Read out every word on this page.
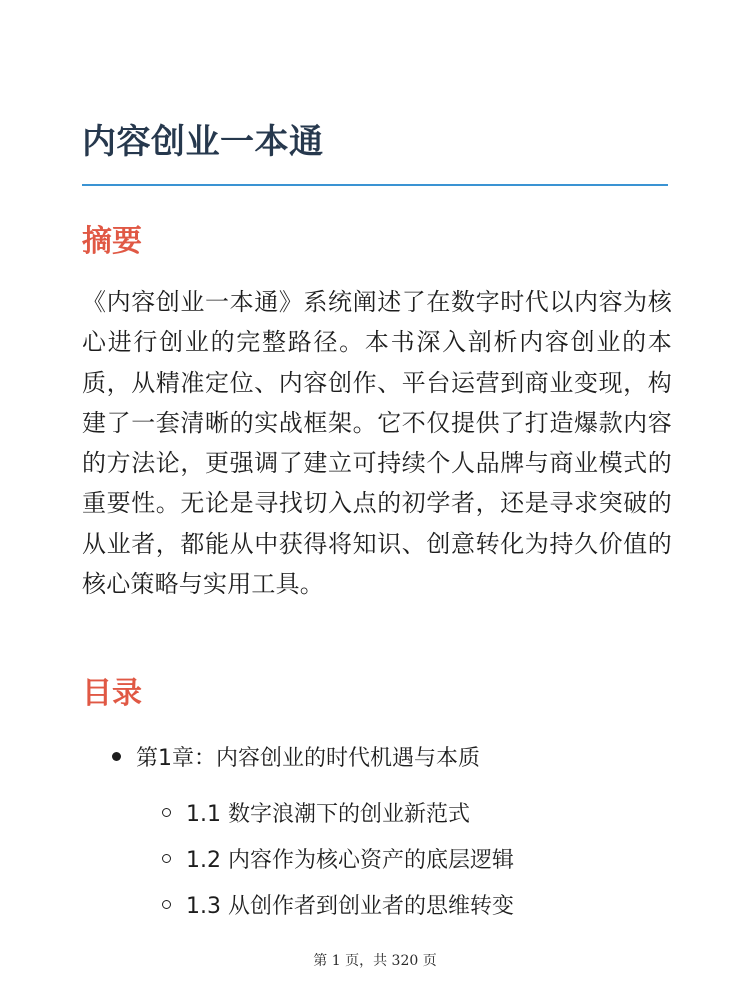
内容创业一本通
摘要

《内容创业一本通》系统阐述了在数字时代以内容为核心进行创业的完整路径。本书深入剖析内容创业的本质，从精准定位、内容创作、平台运营到商业变现，构建了一套清晰的实战框架。它不仅提供了打造爆款内容的方法论，更强调了建立可持续个人品牌与商业模式的重要性。无论是寻找切入点的初学者，还是寻求突破的从业者，都能从中获得将知识、创意转化为持久价值的核心策略与实用工具。

目录
第1章：内容创业的时代机遇与本质
1.1 数字浪潮下的创业新范式
1.2 内容作为核心资产的底层逻辑
1.3 从创作者到创业者的思维转变
第 1 页，共 320 页
